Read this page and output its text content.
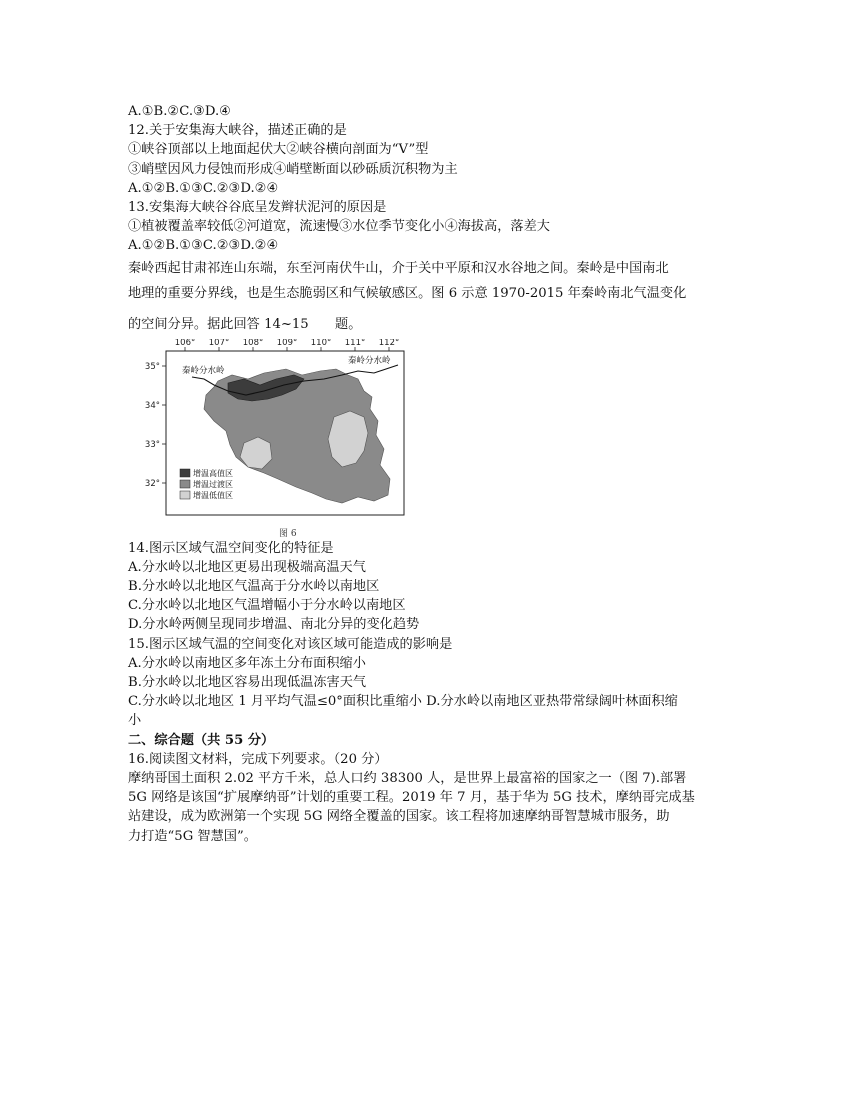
A.①B.②C.③D.④
12.关于安集海大峡谷，描述正确的是
①峡谷顶部以上地面起伏大②峡谷横向剖面为“V”型
③峭壁因风力侵蚀而形成④峭壁断面以砂砾质沉积物为主
A.①②B.①③C.②③D.②④
13.安集海大峡谷谷底呈发辫状泥河的原因是
①植被覆盖率较低②河道宽，流速慢③水位季节变化小④海拔高，落差大
A.①②B.①③C.②③D.②④
秦岭西起甘肃祁连山东端，东至河南伏牛山，介于关中平原和汉水谷地之间。秦岭是中国南北
地理的重要分界线，也是生态脆弱区和气候敏感区。图 6 示意 1970-2015 年秦岭南北气温变化
的空间分异。据此回答 14~15　　题。
106° 107° 108° 109° 110° 111° 112°
35°
34°
33°
32°
秦岭分水岭
秦岭分水岭
增温高值区
增温过渡区
增温低值区
图 6
14.图示区域气温空间变化的特征是
A.分水岭以北地区更易出现极端高温天气
B.分水岭以北地区气温高于分水岭以南地区
C.分水岭以北地区气温增幅小于分水岭以南地区
D.分水岭两侧呈现同步增温、南北分异的变化趋势
15.图示区域气温的空间变化对该区域可能造成的影响是
A.分水岭以南地区多年冻土分布面积缩小
B.分水岭以北地区容易出现低温冻害天气
C.分水岭以北地区 1 月平均气温≤0°面积比重缩小 D.分水岭以南地区亚热带常绿阔叶林面积缩
小
二、综合题（共 55 分）
16.阅读图文材料，完成下列要求。（20 分）
摩纳哥国土面积 2.02 平方千米，总人口约 38300 人，是世界上最富裕的国家之一（图 7).部署
5G 网络是该国“扩展摩纳哥”计划的重要工程。2019 年 7 月，基于华为 5G 技术，摩纳哥完成基
站建设，成为欧洲第一个实现 5G 网络全覆盖的国家。该工程将加速摩纳哥智慧城市服务，助
力打造“5G 智慧国”。
